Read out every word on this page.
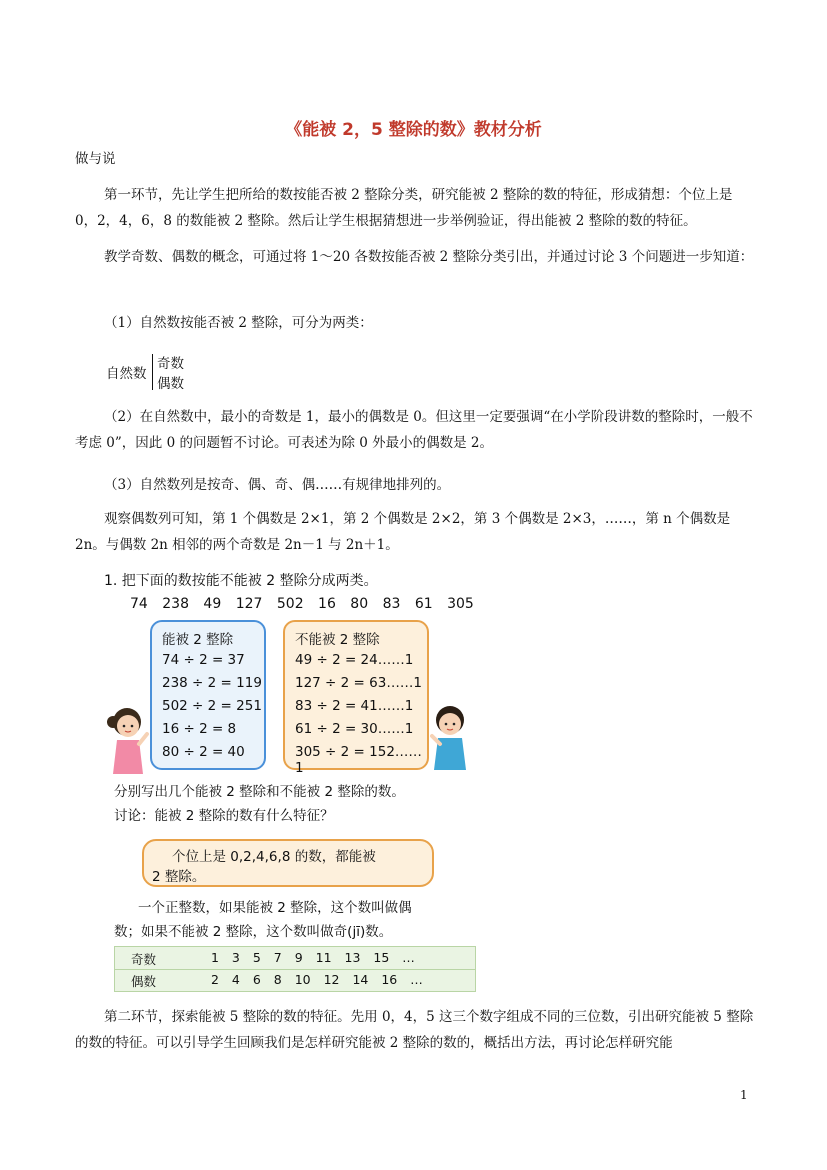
《能被 2，5 整除的数》教材分析
做与说
第一环节，先让学生把所给的数按能否被 2 整除分类，研究能被 2 整除的数的特征，形成猜想：个位上是 0，2，4，6，8 的数能被 2 整除。然后让学生根据猜想进一步举例验证，得出能被 2 整除的数的特征。
教学奇数、偶数的概念，可通过将 1～20 各数按能否被 2 整除分类引出，并通过讨论 3 个问题进一步知道：
（1）自然数按能否被 2 整除，可分为两类：
自然数
奇数
偶数
（2）在自然数中，最小的奇数是 1，最小的偶数是 0。但这里一定要强调“在小学阶段讲数的整除时，一般不考虑 0”，因此 0 的问题暂不讨论。可表述为除 0 外最小的偶数是 2。
（3）自然数列是按奇、偶、奇、偶……有规律地排列的。
观察偶数列可知，第 1 个偶数是 2×1，第 2 个偶数是 2×2，第 3 个偶数是 2×3，……，第 n 个偶数是 2n。与偶数 2n 相邻的两个奇数是 2n－1 与 2n＋1。
1. 把下面的数按能不能被 2 整除分成两类。
74 238 49 127 502 16 80 83 61 305
能被 2 整除
74 ÷ 2 = 37
238 ÷ 2 = 119
502 ÷ 2 = 251
16 ÷ 2 = 8
80 ÷ 2 = 40
不能被 2 整除
49 ÷ 2 = 24……1
127 ÷ 2 = 63……1
83 ÷ 2 = 41……1
61 ÷ 2 = 30……1
305 ÷ 2 = 152……1
分别写出几个能被 2 整除和不能被 2 整除的数。
讨论：能被 2 整除的数有什么特征？
个位上是 0,2,4,6,8 的数，都能被
2 整除。
一个正整数，如果能被 2 整除，这个数叫做偶
数；如果不能被 2 整除，这个数叫做奇(jī)数。
奇数	1 3 5 7 9 11 13 15 …
偶数	2 4 6 8 10 12 14 16 …
第二环节，探索能被 5 整除的数的特征。先用 0，4，5 这三个数字组成不同的三位数，引出研究能被 5 整除的数的特征。可以引导学生回顾我们是怎样研究能被 2 整除的数的，概括出方法，再讨论怎样研究能
1
